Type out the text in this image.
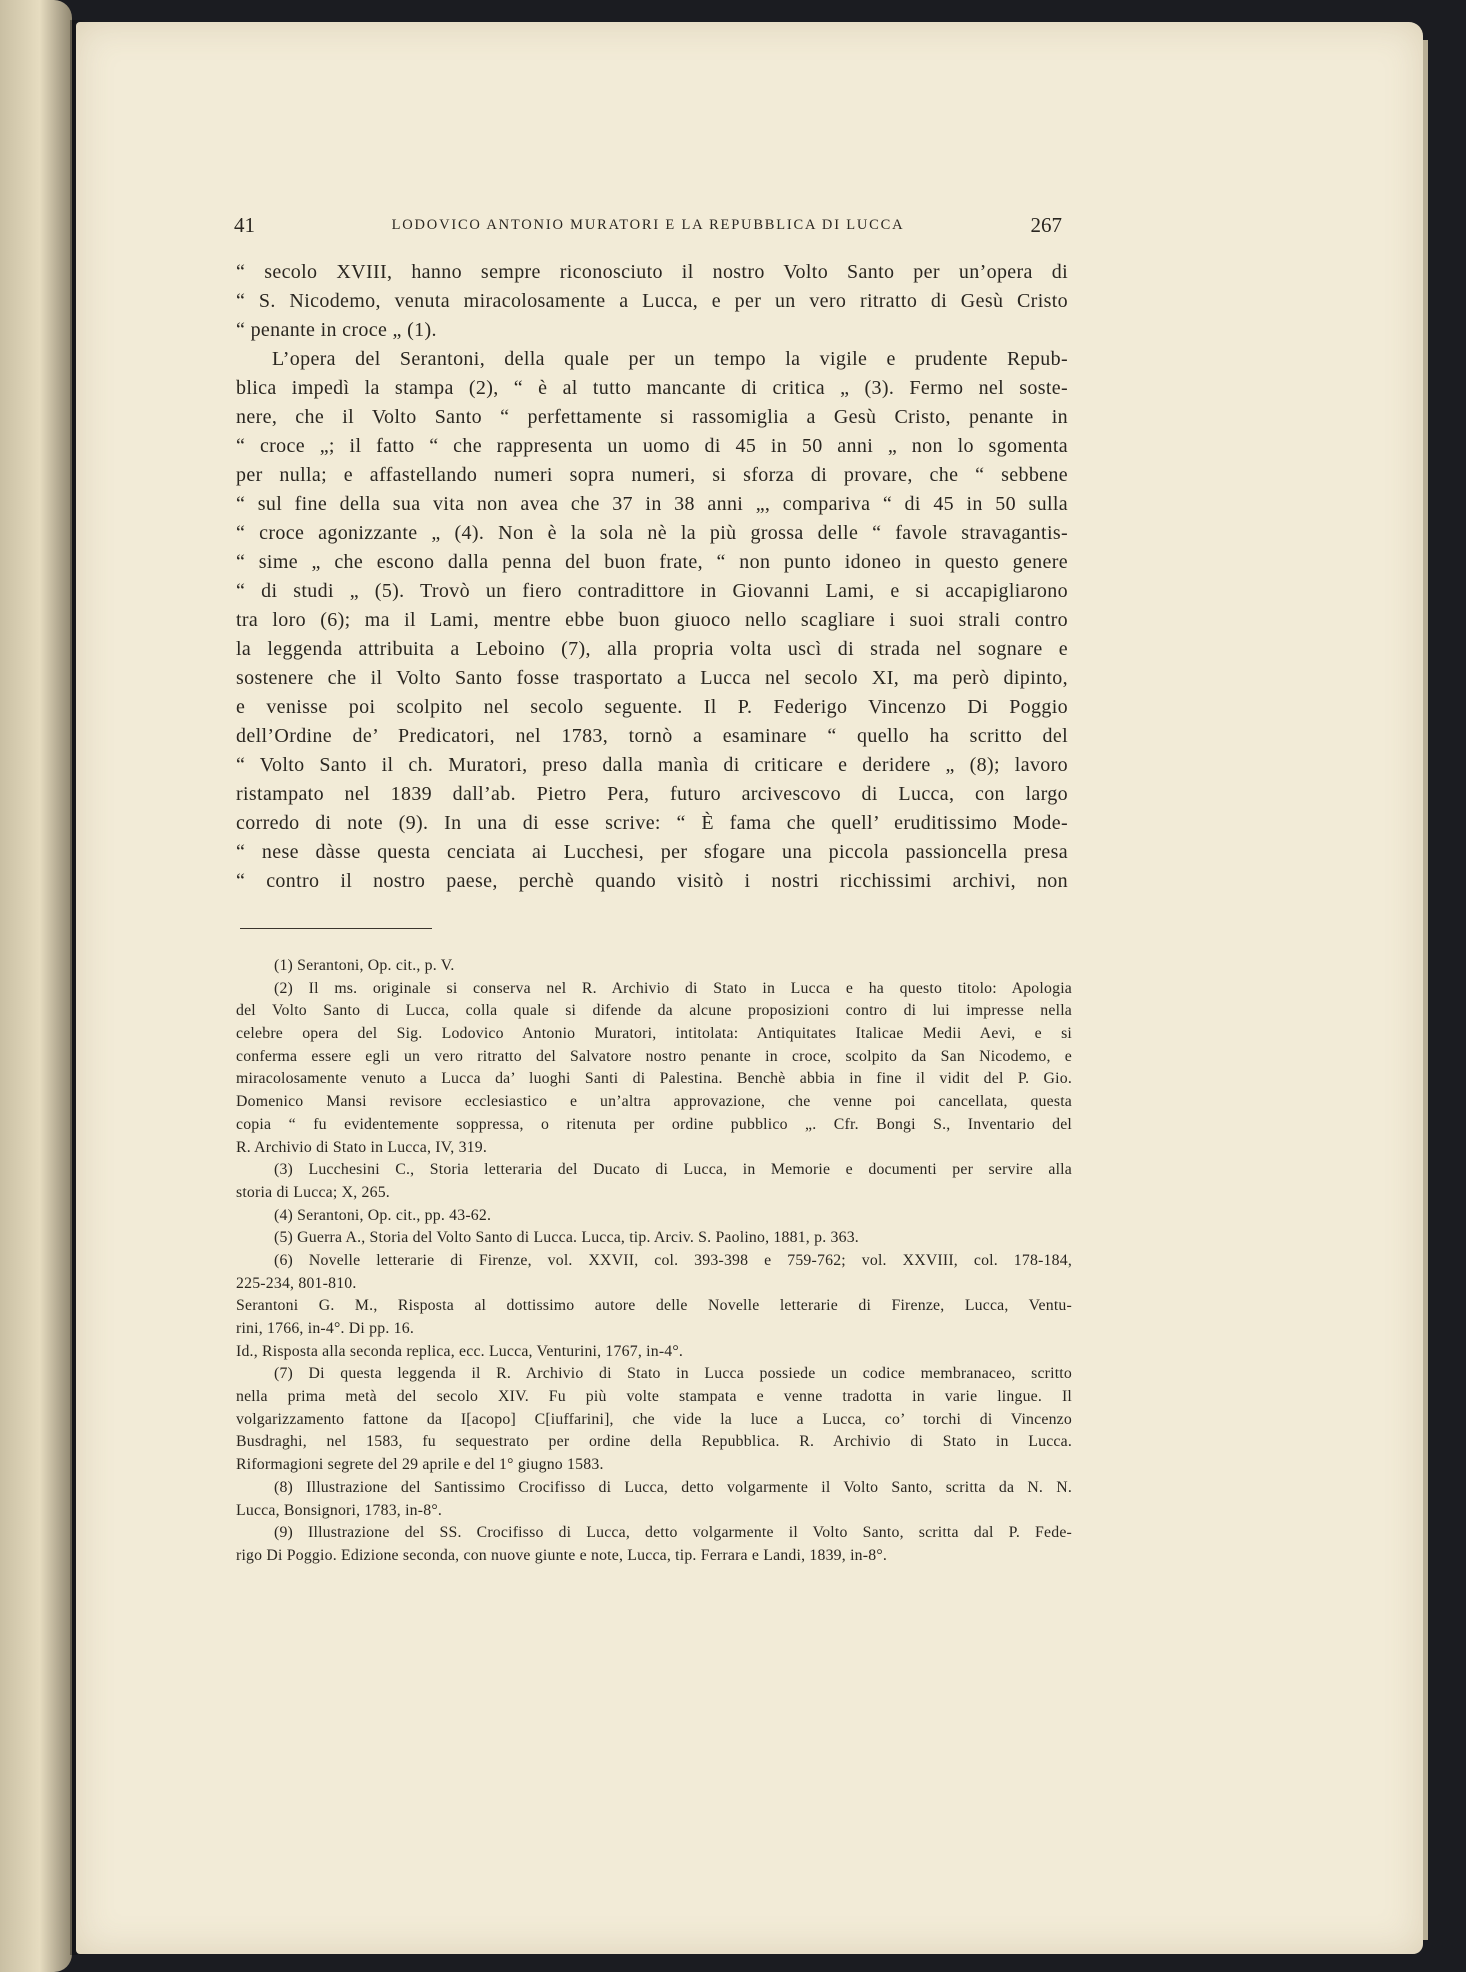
41	LODOVICO ANTONIO MURATORI E LA REPUBBLICA DI LUCCA	267
“ secolo XVIII, hanno sempre riconosciuto il nostro Volto Santo per un’opera di
“ S. Nicodemo, venuta miracolosamente a Lucca, e per un vero ritratto di Gesù Cristo
“ penante in croce „ (1).
L’opera del Serantoni, della quale per un tempo la vigile e prudente Repub-
blica impedì la stampa (2), “ è al tutto mancante di critica „ (3). Fermo nel soste-
nere, che il Volto Santo “ perfettamente si rassomiglia a Gesù Cristo, penante in
“ croce „; il fatto “ che rappresenta un uomo di 45 in 50 anni „ non lo sgomenta
per nulla; e affastellando numeri sopra numeri, si sforza di provare, che “ sebbene
“ sul fine della sua vita non avea che 37 in 38 anni „, compariva “ di 45 in 50 sulla
“ croce agonizzante „ (4). Non è la sola nè la più grossa delle “ favole stravagantis-
“ sime „ che escono dalla penna del buon frate, “ non punto idoneo in questo genere
“ di studi „ (5). Trovò un fiero contradittore in Giovanni Lami, e si accapigliarono
tra loro (6); ma il Lami, mentre ebbe buon giuoco nello scagliare i suoi strali contro
la leggenda attribuita a Leboino (7), alla propria volta uscì di strada nel sognare e
sostenere che il Volto Santo fosse trasportato a Lucca nel secolo XI, ma però dipinto,
e venisse poi scolpito nel secolo seguente. Il P. Federigo Vincenzo Di Poggio
dell’Ordine de’ Predicatori, nel 1783, tornò a esaminare “ quello ha scritto del
“ Volto Santo il ch. Muratori, preso dalla manìa di criticare e deridere „ (8); lavoro
ristampato nel 1839 dall’ab. Pietro Pera, futuro arcivescovo di Lucca, con largo
corredo di note (9). In una di esse scrive: “ È fama che quell’ eruditissimo Mode-
“ nese dàsse questa cenciata ai Lucchesi, per sfogare una piccola passioncella presa
“ contro il nostro paese, perchè quando visitò i nostri ricchissimi archivi, non
(1) Serantoni, Op. cit., p. V.
(2) Il ms. originale si conserva nel R. Archivio di Stato in Lucca e ha questo titolo: Apologia
del Volto Santo di Lucca, colla quale si difende da alcune proposizioni contro di lui impresse nella
celebre opera del Sig. Lodovico Antonio Muratori, intitolata: Antiquitates Italicae Medii Aevi, e si
conferma essere egli un vero ritratto del Salvatore nostro penante in croce, scolpito da San Nicodemo, e
miracolosamente venuto a Lucca da’ luoghi Santi di Palestina. Benchè abbia in fine il vidit del P. Gio.
Domenico Mansi revisore ecclesiastico e un’altra approvazione, che venne poi cancellata, questa
copia “ fu evidentemente soppressa, o ritenuta per ordine pubblico „. Cfr. Bongi S., Inventario del
R. Archivio di Stato in Lucca, IV, 319.
(3) Lucchesini C., Storia letteraria del Ducato di Lucca, in Memorie e documenti per servire alla
storia di Lucca; X, 265.
(4) Serantoni, Op. cit., pp. 43-62.
(5) Guerra A., Storia del Volto Santo di Lucca. Lucca, tip. Arciv. S. Paolino, 1881, p. 363.
(6) Novelle letterarie di Firenze, vol. XXVII, col. 393-398 e 759-762; vol. XXVIII, col. 178-184,
225-234, 801-810.
Serantoni G. M., Risposta al dottissimo autore delle Novelle letterarie di Firenze, Lucca, Ventu-
rini, 1766, in-4°. Di pp. 16.
Id., Risposta alla seconda replica, ecc. Lucca, Venturini, 1767, in-4°.
(7) Di questa leggenda il R. Archivio di Stato in Lucca possiede un codice membranaceo, scritto
nella prima metà del secolo XIV. Fu più volte stampata e venne tradotta in varie lingue. Il
volgarizzamento fattone da I[acopo] C[iuffarini], che vide la luce a Lucca, co’ torchi di Vincenzo
Busdraghi, nel 1583, fu sequestrato per ordine della Repubblica. R. Archivio di Stato in Lucca.
Riformagioni segrete del 29 aprile e del 1° giugno 1583.
(8) Illustrazione del Santissimo Crocifisso di Lucca, detto volgarmente il Volto Santo, scritta da N. N.
Lucca, Bonsignori, 1783, in-8°.
(9) Illustrazione del SS. Crocifisso di Lucca, detto volgarmente il Volto Santo, scritta dal P. Fede-
rigo Di Poggio. Edizione seconda, con nuove giunte e note, Lucca, tip. Ferrara e Landi, 1839, in-8°.
